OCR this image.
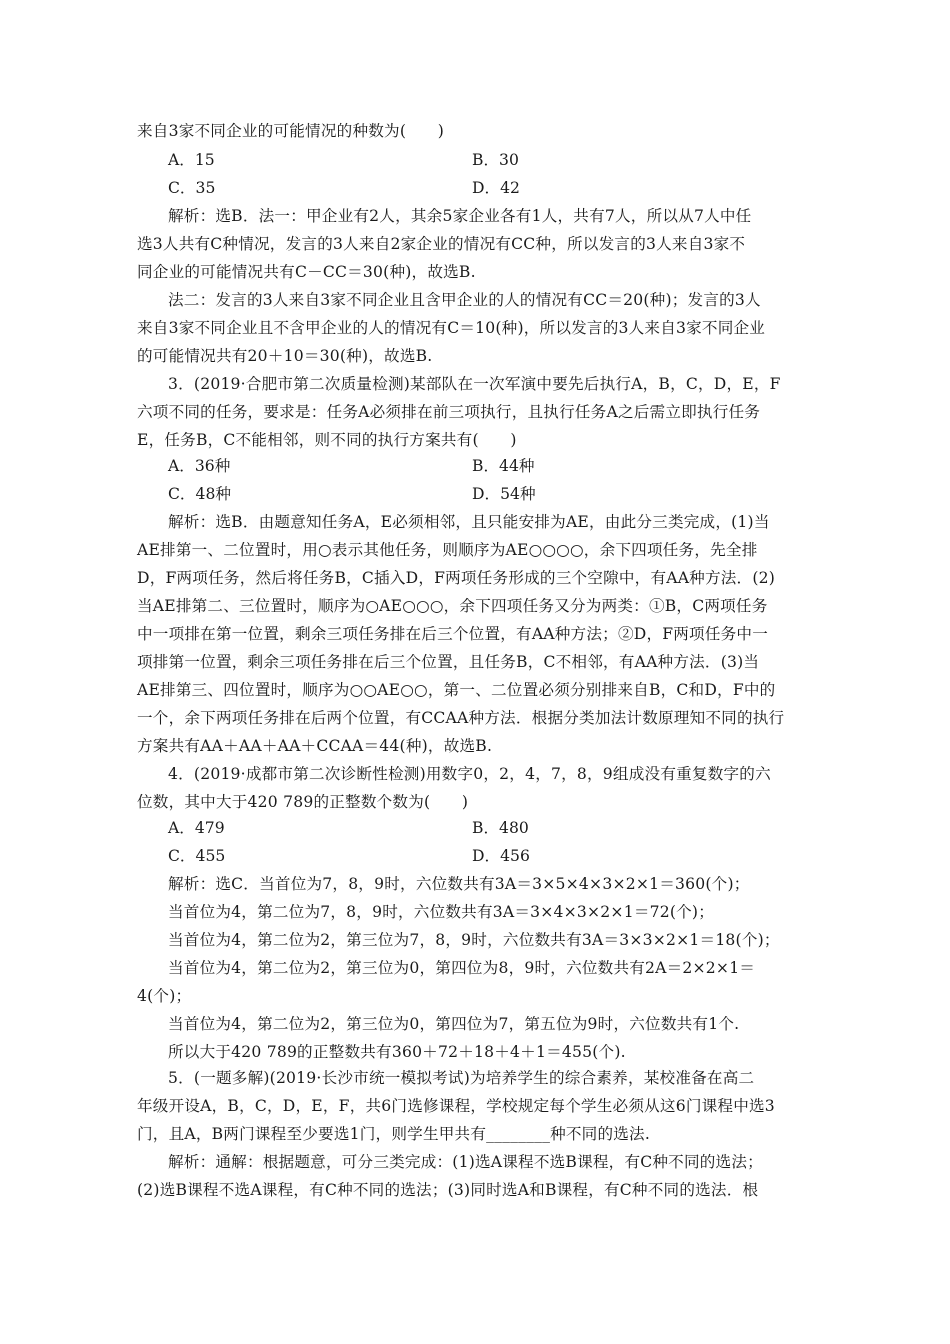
来自3家不同企业的可能情况的种数为(　　)
A．15	B．30
C．35	D．42
解析：选B．法一：甲企业有2人，其余5家企业各有1人，共有7人，所以从7人中任
选3人共有C种情况，发言的3人来自2家企业的情况有CC种，所以发言的3人来自3家不
同企业的可能情况共有C－CC＝30(种)，故选B.
法二：发言的3人来自3家不同企业且含甲企业的人的情况有CC＝20(种)；发言的3人
来自3家不同企业且不含甲企业的人的情况有C＝10(种)，所以发言的3人来自3家不同企业
的可能情况共有20＋10＝30(种)，故选B.
3．(2019·合肥市第二次质量检测)某部队在一次军演中要先后执行A，B，C，D，E，F
六项不同的任务，要求是：任务A必须排在前三项执行，且执行任务A之后需立即执行任务
E，任务B，C不能相邻，则不同的执行方案共有(　　)
A．36种	B．44种
C．48种	D．54种
解析：选B．由题意知任务A，E必须相邻，且只能安排为AE，由此分三类完成，(1)当
AE排第一、二位置时，用○表示其他任务，则顺序为AE○○○○，余下四项任务，先全排
D，F两项任务，然后将任务B，C插入D，F两项任务形成的三个空隙中，有AA种方法．(2)
当AE排第二、三位置时，顺序为○AE○○○，余下四项任务又分为两类：①B，C两项任务
中一项排在第一位置，剩余三项任务排在后三个位置，有AA种方法；②D，F两项任务中一
项排第一位置，剩余三项任务排在后三个位置，且任务B，C不相邻，有AA种方法．(3)当
AE排第三、四位置时，顺序为○○AE○○，第一、二位置必须分别排来自B，C和D，F中的
一个，余下两项任务排在后两个位置，有CCAA种方法．根据分类加法计数原理知不同的执行
方案共有AA＋AA＋AA＋CCAA＝44(种)，故选B.
4．(2019·成都市第二次诊断性检测)用数字0，2，4，7，8，9组成没有重复数字的六
位数，其中大于420 789的正整数个数为(　　)
A．479	B．480
C．455	D．456
解析：选C．当首位为7，8，9时，六位数共有3A＝3×5×4×3×2×1＝360(个)；
当首位为4，第二位为7，8，9时，六位数共有3A＝3×4×3×2×1＝72(个)；
当首位为4，第二位为2，第三位为7，8，9时，六位数共有3A＝3×3×2×1＝18(个)；
当首位为4，第二位为2，第三位为0，第四位为8，9时，六位数共有2A＝2×2×1＝
4(个)；
当首位为4，第二位为2，第三位为0，第四位为7，第五位为9时，六位数共有1个.
所以大于420 789的正整数共有360＋72＋18＋4＋1＝455(个).
5．(一题多解)(2019·长沙市统一模拟考试)为培养学生的综合素养，某校准备在高二
年级开设A，B，C，D，E，F，共6门选修课程，学校规定每个学生必须从这6门课程中选3
门，且A，B两门课程至少要选1门，则学生甲共有________种不同的选法.
解析：通解：根据题意，可分三类完成：(1)选A课程不选B课程，有C种不同的选法；
(2)选B课程不选A课程，有C种不同的选法；(3)同时选A和B课程，有C种不同的选法．根
